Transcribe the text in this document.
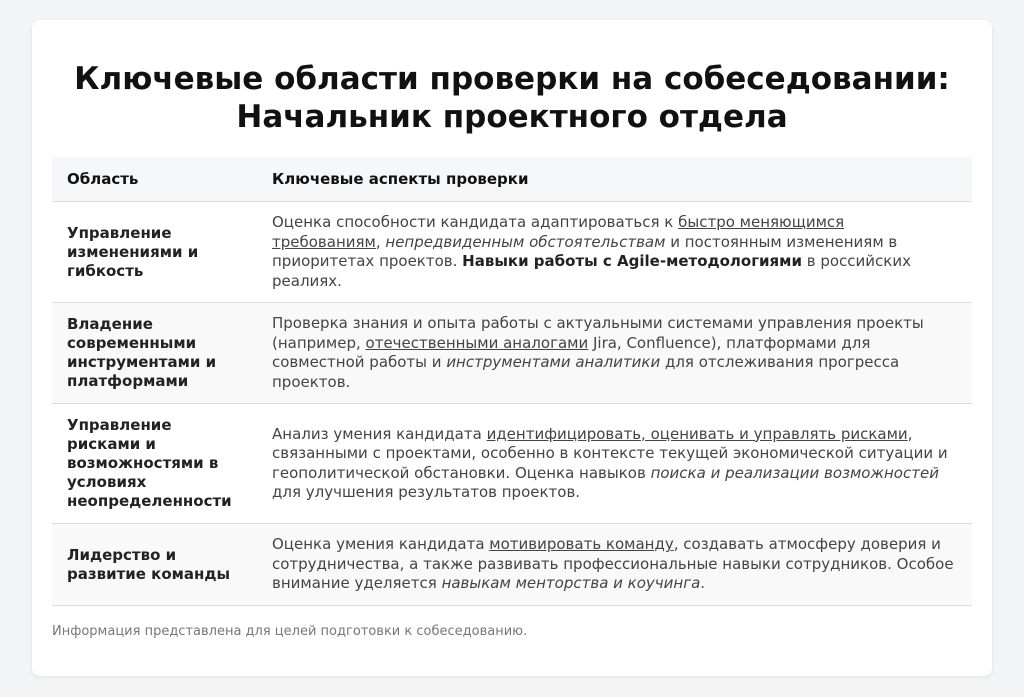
Ключевые области проверки на собеседовании:
Начальник проектного отдела
Область	Ключевые аспекты проверки
Управление изменениями и гибкость	Оценка способности кандидата адаптироваться к быстро меняющимся требованиям, непредвиденным обстоятельствам и постоянным изменениям в приоритетах проектов. Навыки работы с Agile-методологиями в российских реалиях.
Владение современными инструментами и платформами	Проверка знания и опыта работы с актуальными системами управления проекты (например, отечественными аналогами Jira, Confluence), платформами для совместной работы и инструментами аналитики для отслеживания прогресса проектов.
Управление рисками и возможностями в условиях неопределенности	Анализ умения кандидата идентифицировать, оценивать и управлять рисками, связанными с проектами, особенно в контексте текущей экономической ситуации и геополитической обстановки. Оценка навыков поиска и реализации возможностей для улучшения результатов проектов.
Лидерство и развитие команды	Оценка умения кандидата мотивировать команду, создавать атмосферу доверия и сотрудничества, а также развивать профессиональные навыки сотрудников. Особое внимание уделяется навыкам менторства и коучинга.
Информация представлена для целей подготовки к собеседованию.
